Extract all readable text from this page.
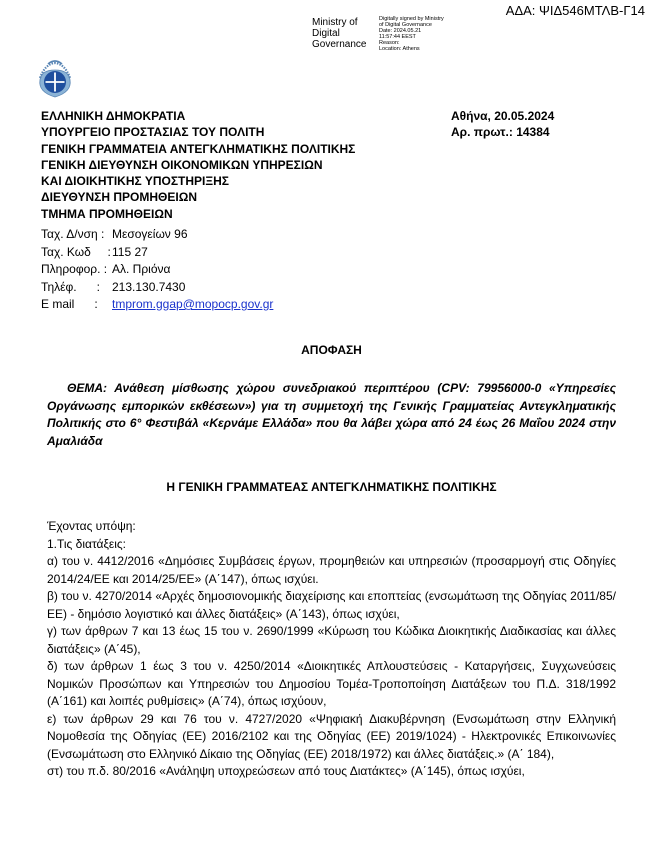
ΑΔΑ: ΨΙΔ546ΜΤΛΒ-Γ14
Ministry of
Digital
Governance
Digitally signed by Ministry
of Digital Governance
Date: 2024.05.21
11:57:44 EEST
Reason:
Location: Athens
ΕΛΛΗΝΙΚΗ ΔΗΜΟΚΡΑΤΙΑ
ΥΠΟΥΡΓΕΙΟ ΠΡΟΣΤΑΣΙΑΣ ΤΟΥ ΠΟΛΙΤΗ
ΓΕΝΙΚΗ ΓΡΑΜΜΑΤΕΙΑ ΑΝΤΕΓΚΛΗΜΑΤΙΚΗΣ ΠΟΛΙΤΙΚΗΣ
ΓΕΝΙΚΗ ΔΙΕΥΘΥΝΣΗ ΟΙΚΟΝΟΜΙΚΩΝ ΥΠΗΡΕΣΙΩΝ
ΚΑΙ ΔΙΟΙΚΗΤΙΚΗΣ ΥΠΟΣΤΗΡΙΞΗΣ
ΔΙΕΥΘΥΝΣΗ ΠΡΟΜΗΘΕΙΩΝ
ΤΜΗΜΑ ΠΡΟΜΗΘΕΙΩΝ
Ταχ. Δ/νση : Μεσογείων 96
Ταχ. Κωδ     : 115 27
Πληροφορ. : Αλ. Πριόνα
Τηλέφ.      :	213.130.7430
E mail      :	tmprom.ggap@mopocp.gov.gr
Αθήνα, 20.05.2024
Αρ. πρωτ.: 14384
ΑΠΟΦΑΣΗ
ΘΕΜΑ: Ανάθεση μίσθωσης χώρου συνεδριακού περιπτέρου (CPV: 79956000-0 «Υπηρεσίες Οργάνωσης εμπορικών εκθέσεων») για τη συμμετοχή της Γενικής Γραμματείας Αντεγκληματικής Πολιτικής στο 6° Φεστιβάλ «Κερνάμε Ελλάδα» που θα λάβει χώρα από 24 έως 26 Μαΐου 2024 στην Αμαλιάδα
Η ΓΕΝΙΚΗ ΓΡΑΜΜΑΤΕΑΣ ΑΝΤΕΓΚΛΗΜΑΤΙΚΗΣ ΠΟΛΙΤΙΚΗΣ

Έχοντας υπόψη:

1.Τις διατάξεις:

α) του ν. 4412/2016 «Δημόσιες Συμβάσεις έργων, προμηθειών και υπηρεσιών (προσαρμογή στις Οδηγίες 2014/24/ΕΕ και 2014/25/ΕΕ» (Α΄147), όπως ισχύει.

β) του ν. 4270/2014 «Αρχές δημοσιονομικής διαχείρισης και εποπτείας (ενσωμάτωση της Οδηγίας 2011/85/ΕΕ) - δημόσιο λογιστικό και άλλες διατάξεις» (Α΄143), όπως ισχύει,

γ) των άρθρων 7 και 13 έως 15 του ν. 2690/1999 «Κύρωση του Κώδικα Διοικητικής Διαδικασίας και άλλες διατάξεις» (Α΄45),

δ) των άρθρων 1 έως 3 του ν. 4250/2014 «Διοικητικές Απλουστεύσεις - Καταργήσεις, Συγχωνεύσεις Νομικών Προσώπων και Υπηρεσιών του Δημοσίου Τομέα-Τροποποίηση Διατάξεων του Π.Δ. 318/1992 (Α΄161) και λοιπές ρυθμίσεις» (Α΄74), όπως ισχύουν,

ε) των άρθρων 29 και 76 του ν. 4727/2020 «Ψηφιακή Διακυβέρνηση (Ενσωμάτωση στην Ελληνική Νομοθεσία της Οδηγίας (ΕΕ) 2016/2102 και της Οδηγίας (ΕΕ) 2019/1024) - Ηλεκτρονικές Επικοινωνίες (Ενσωμάτωση στο Ελληνικό Δίκαιο της Οδηγίας (ΕΕ) 2018/1972) και άλλες διατάξεις.» (Α΄ 184),

στ) του π.δ. 80/2016 «Ανάληψη υποχρεώσεων από τους Διατάκτες» (Α΄145), όπως ισχύει,
